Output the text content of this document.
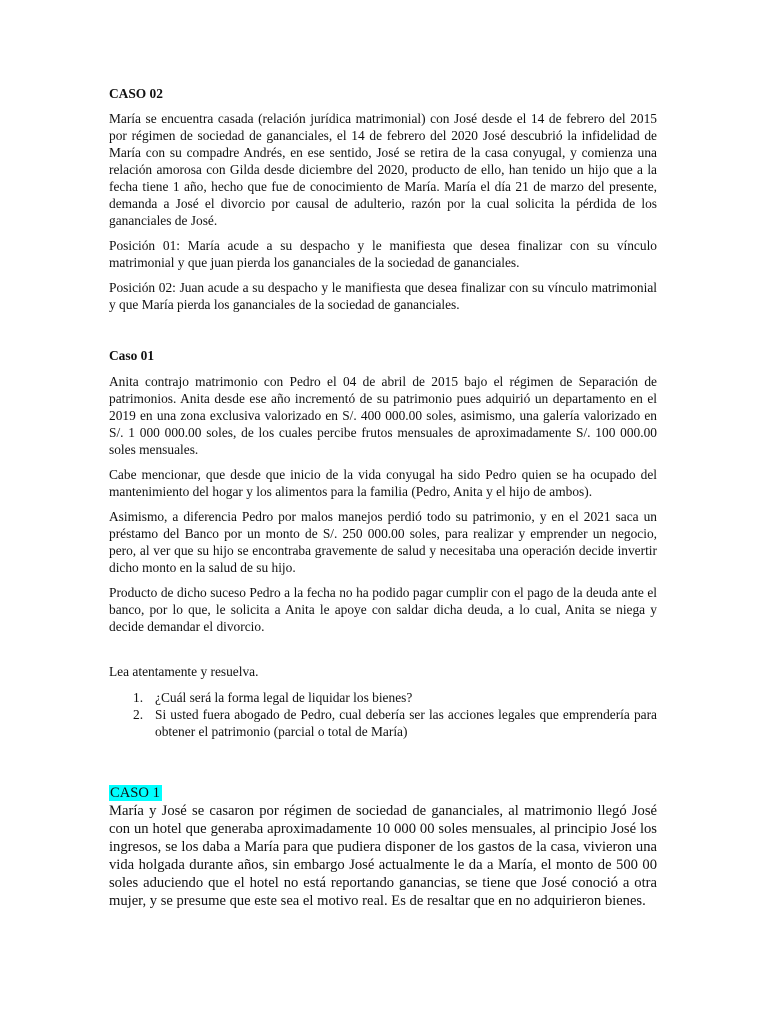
CASO 02

María se encuentra casada (relación jurídica matrimonial) con José desde el 14 de febrero del 2015 por régimen de sociedad de gananciales, el 14 de febrero del 2020 José descubrió la infidelidad de María con su compadre Andrés, en ese sentido, José se retira de la casa conyugal, y comienza una relación amorosa con Gilda desde diciembre del 2020, producto de ello, han tenido un hijo que a la fecha tiene 1 año, hecho que fue de conocimiento de María. María el día 21 de marzo del presente, demanda a José el divorcio por causal de adulterio, razón por la cual solicita la pérdida de los gananciales de José.

Posición 01: María acude a su despacho y le manifiesta que desea finalizar con su vínculo matrimonial y que juan pierda los gananciales de la sociedad de gananciales.

Posición 02: Juan acude a su despacho y le manifiesta que desea finalizar con su vínculo matrimonial y que María pierda los gananciales de la sociedad de gananciales.

Caso 01

Anita contrajo matrimonio con Pedro el 04 de abril de 2015 bajo el régimen de Separación de patrimonios. Anita desde ese año incrementó de su patrimonio pues adquirió un departamento en el 2019 en una zona exclusiva valorizado en S/. 400 000.00 soles, asimismo, una galería valorizado en S/. 1 000 000.00 soles, de los cuales percibe frutos mensuales de aproximadamente S/. 100 000.00 soles mensuales.

Cabe mencionar, que desde que inicio de la vida conyugal ha sido Pedro quien se ha ocupado del mantenimiento del hogar y los alimentos para la familia (Pedro, Anita y el hijo de ambos).

Asimismo, a diferencia Pedro por malos manejos perdió todo su patrimonio, y en el 2021 saca un préstamo del Banco por un monto de S/. 250 000.00 soles, para realizar y emprender un negocio, pero, al ver que su hijo se encontraba gravemente de salud y necesitaba una operación decide invertir dicho monto en la salud de su hijo.

Producto de dicho suceso Pedro a la fecha no ha podido pagar cumplir con el pago de la deuda ante el banco, por lo que, le solicita a Anita le apoye con saldar dicha deuda, a lo cual, Anita se niega y decide demandar el divorcio.

Lea atentamente y resuelva.

1. ¿Cuál será la forma legal de liquidar los bienes?
2. Si usted fuera abogado de Pedro, cual debería ser las acciones legales que emprendería para obtener el patrimonio (parcial o total de María)

CASO 1

María y José se casaron por régimen de sociedad de gananciales, al matrimonio llegó José con un hotel que generaba aproximadamente 10 000 00 soles mensuales, al principio José los ingresos, se los daba a María para que pudiera disponer de los gastos de la casa, vivieron una vida holgada durante años, sin embargo José actualmente le da a María, el monto de 500 00 soles aduciendo que el hotel no está reportando ganancias, se tiene que José conoció a otra mujer, y se presume que este sea el motivo real. Es de resaltar que en no adquirieron bienes.
